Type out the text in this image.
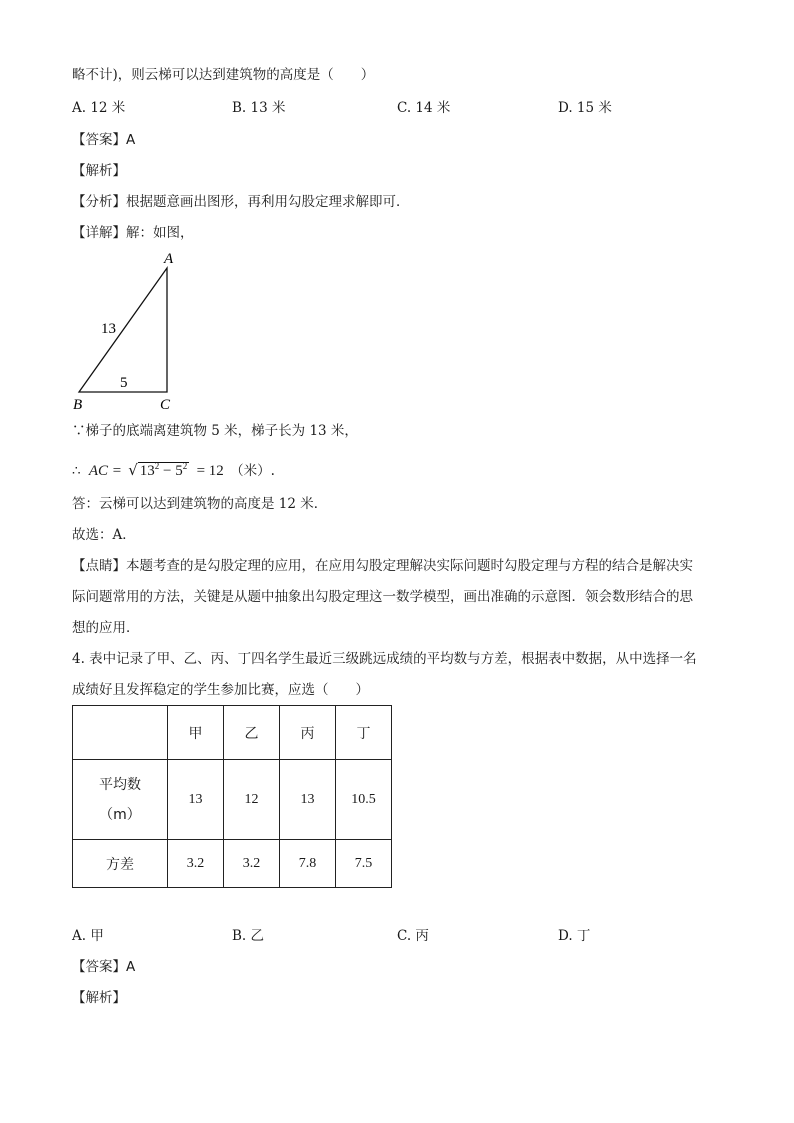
略不计)，则云梯可以达到建筑物的高度是（　　）
A. 12 米	B. 13 米	C. 14 米	D. 15 米
【答案】A
【解析】
【分析】根据题意画出图形，再利用勾股定理求解即可．
【详解】解：如图，
A
B	C
13
5
∵梯子的底端离建筑物 5 米，梯子长为 13 米，
∴ AC = √ $13^2 - 5^2 = 12$ （米）.
答：云梯可以达到建筑物的高度是 12 米．
故选：A．
【点睛】本题考查的是勾股定理的应用，在应用勾股定理解决实际问题时勾股定理与方程的结合是解决实
际问题常用的方法，关键是从题中抽象出勾股定理这一数学模型，画出准确的示意图．领会数形结合的思
想的应用．
4. 表中记录了甲、乙、丙、丁四名学生最近三级跳远成绩的平均数与方差，根据表中数据，从中选择一名
成绩好且发挥稳定的学生参加比赛，应选（　　）
	甲	乙	丙	丁

平均数
（m）	13	12	13	10.5
方差	3.2	3.2	7.8	7.5
A. 甲	B. 乙	C. 丙	D. 丁
【答案】A
【解析】
